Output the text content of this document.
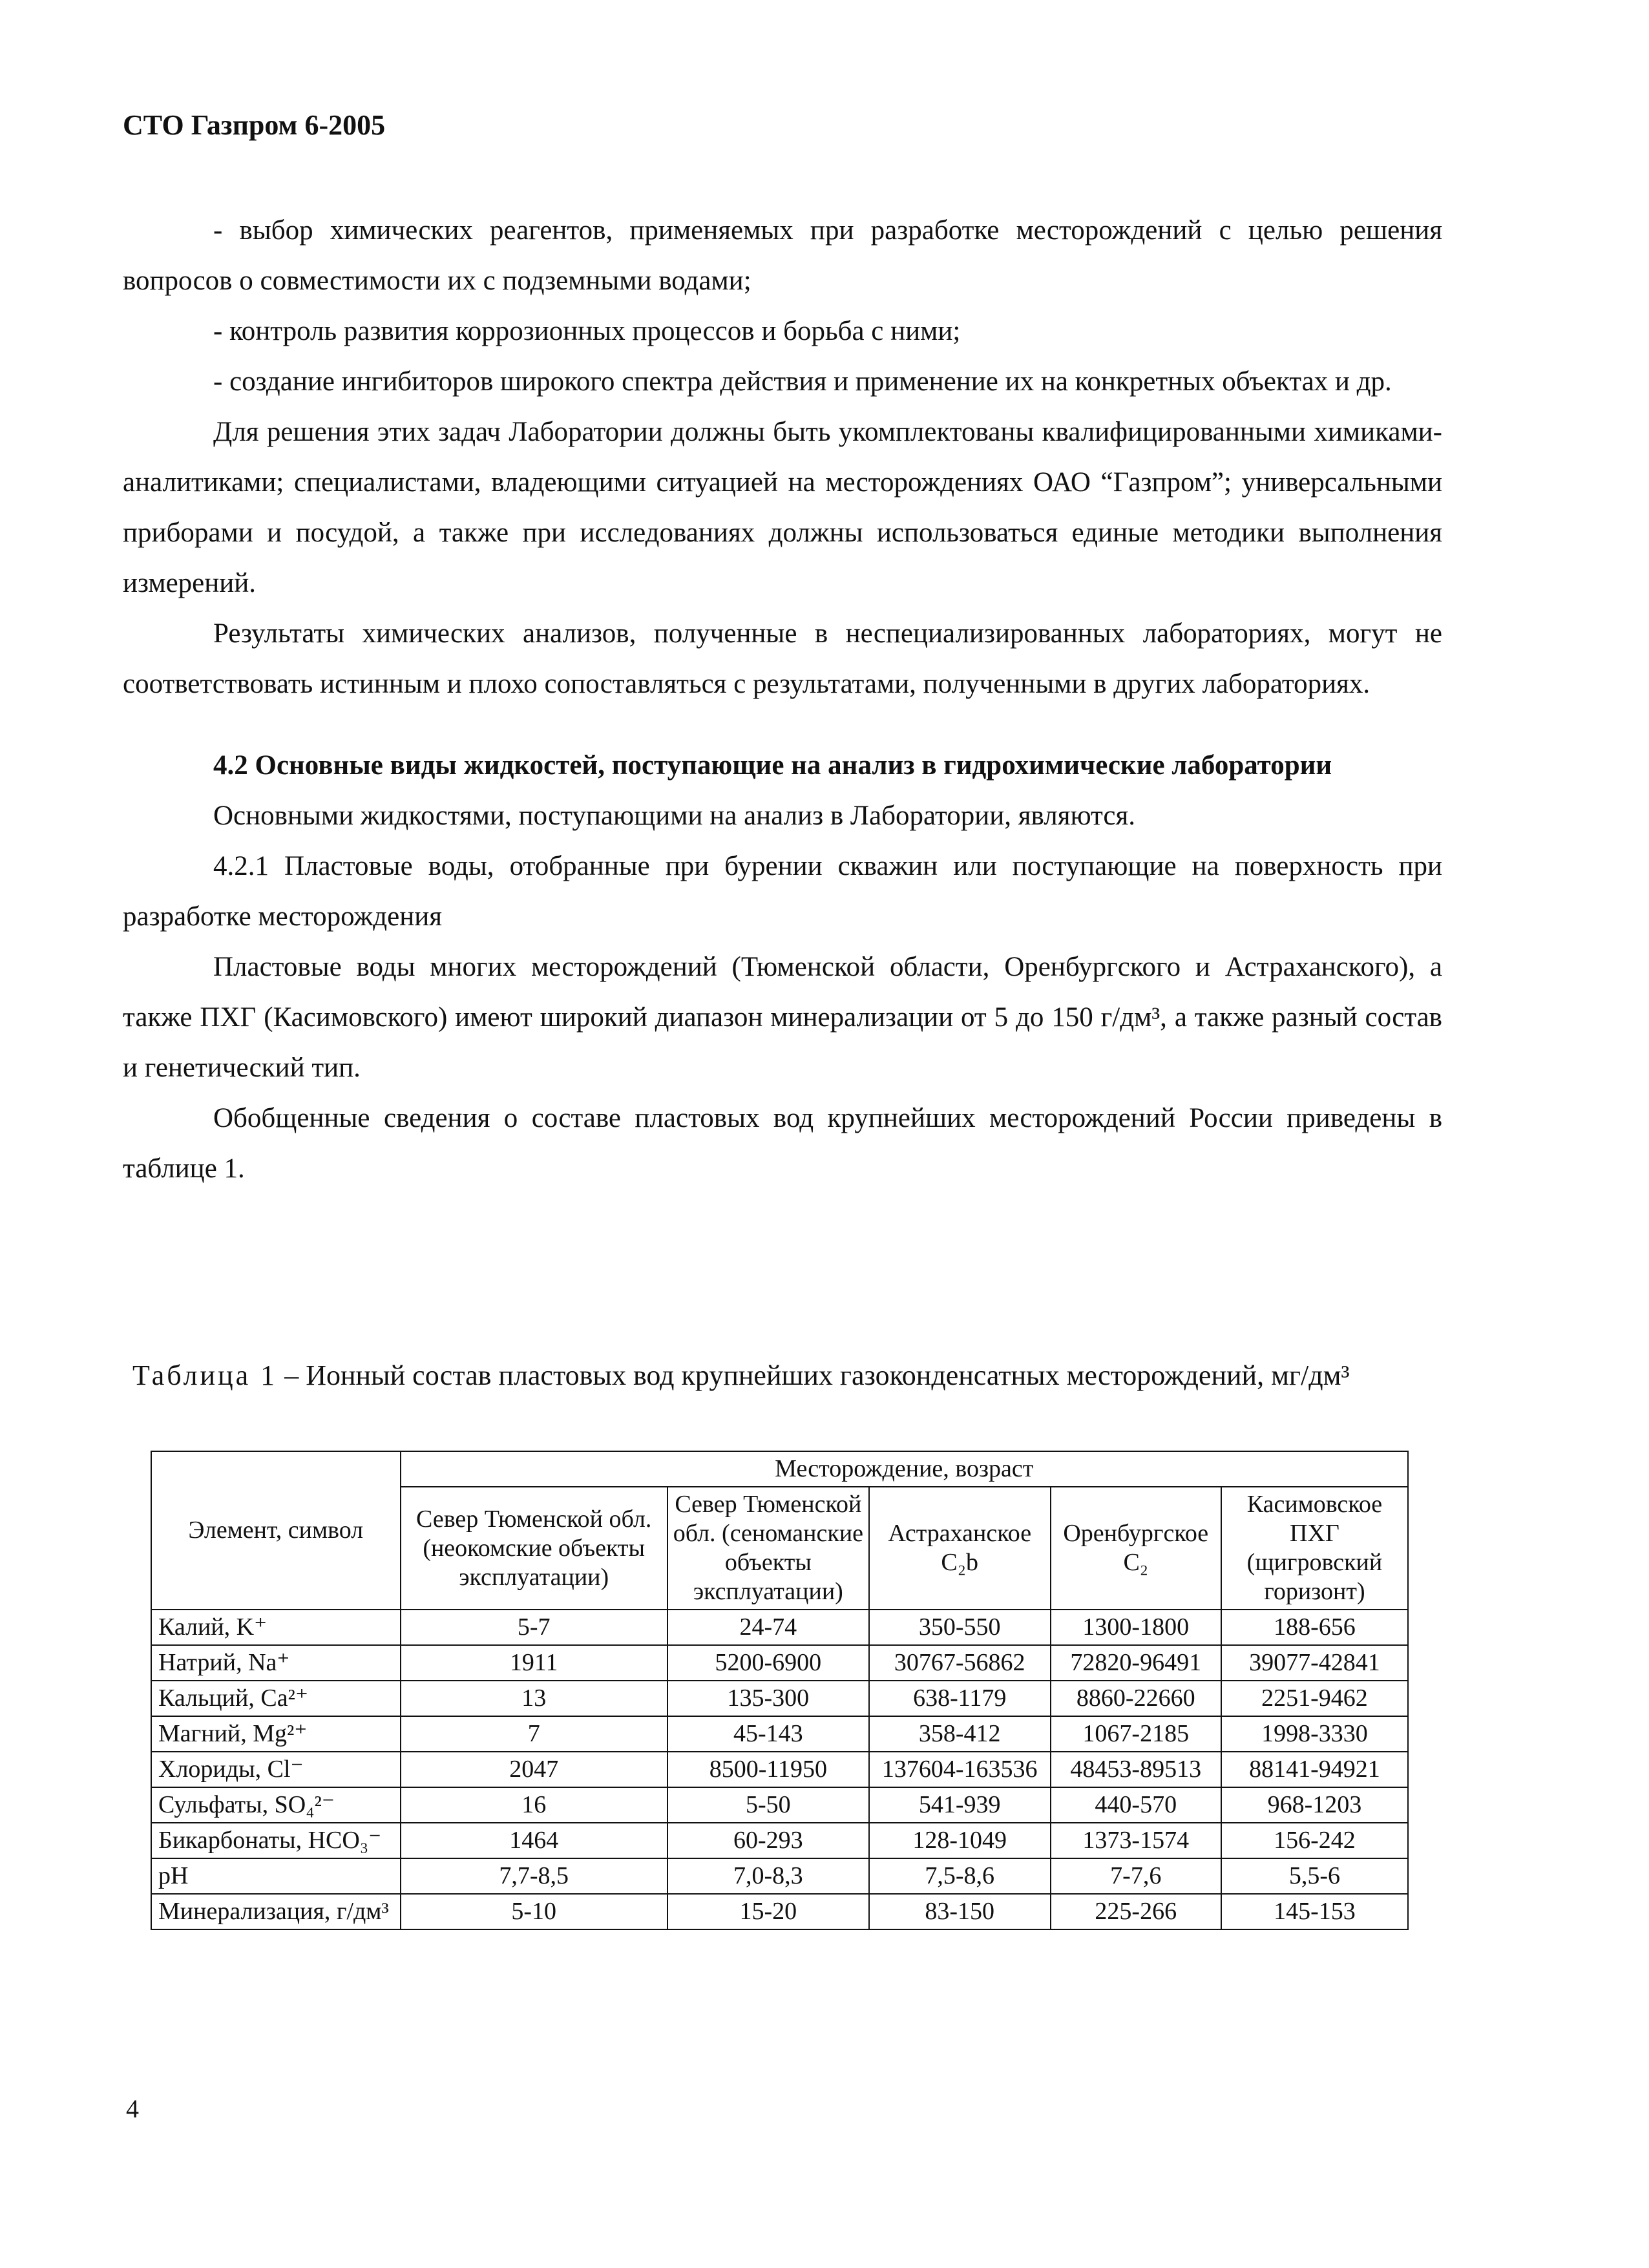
СТО Газпром 6-2005

- выбор химических реагентов, применяемых при разработке месторождений с целью решения вопросов о совместимости их с подземными водами;

- контроль развития коррозионных процессов и борьба с ними;

- создание ингибиторов широкого спектра действия и применение их на конкретных объектах и др.

Для решения этих задач Лаборатории должны быть укомплектованы квалифицированными химиками-аналитиками; специалистами, владеющими ситуацией на месторождениях ОАО “Газпром”; универсальными приборами и посудой, а также при исследованиях должны использоваться единые методики выполнения измерений.

Результаты химических анализов, полученные в неспециализированных лабораториях, могут не соответствовать истинным и плохо сопоставляться с результатами, полученными в других лабораториях.

4.2 Основные виды жидкостей, поступающие на анализ в гидрохимические лаборатории

Основными жидкостями, поступающими на анализ в Лаборатории, являются.

4.2.1 Пластовые воды, отобранные при бурении скважин или поступающие на поверхность при разработке месторождения

Пластовые воды многих месторождений (Тюменской области, Оренбургского и Астраханского), а также ПХГ (Касимовского) имеют широкий диапазон минерализации от 5 до 150 г/дм³, а также разный состав и генетический тип.

Обобщенные сведения о составе пластовых вод крупнейших месторождений России приведены в таблице 1.

Таблица 1 – Ионный состав пластовых вод крупнейших газоконденсатных месторождений, мг/дм³
Элемент, символ	Месторождение, возраст				
	Север Тюменской обл. (неокомские объекты эксплуатации)	Север Тюменской обл. (сеноманские объекты эксплуатации)	Астраханское C₂b	Оренбургское C₂	Касимовское ПХГ (щигровский горизонт)
Калий, K⁺	5-7	24-74	350-550	1300-1800	188-656
Натрий, Na⁺	1911	5200-6900	30767-56862	72820-96491	39077-42841
Кальций, Ca²⁺	13	135-300	638-1179	8860-22660	2251-9462
Магний, Mg²⁺	7	45-143	358-412	1067-2185	1998-3330
Хлориды, Cl⁻	2047	8500-11950	137604-163536	48453-89513	88141-94921
Сульфаты, SO₄²⁻	16	5-50	541-939	440-570	968-1203
Бикарбонаты, HCO₃⁻	1464	60-293	128-1049	1373-1574	156-242
pH	7,7-8,5	7,0-8,3	7,5-8,6	7-7,6	5,5-6
Минерализация, г/дм³	5-10	15-20	83-150	225-266	145-153
4
